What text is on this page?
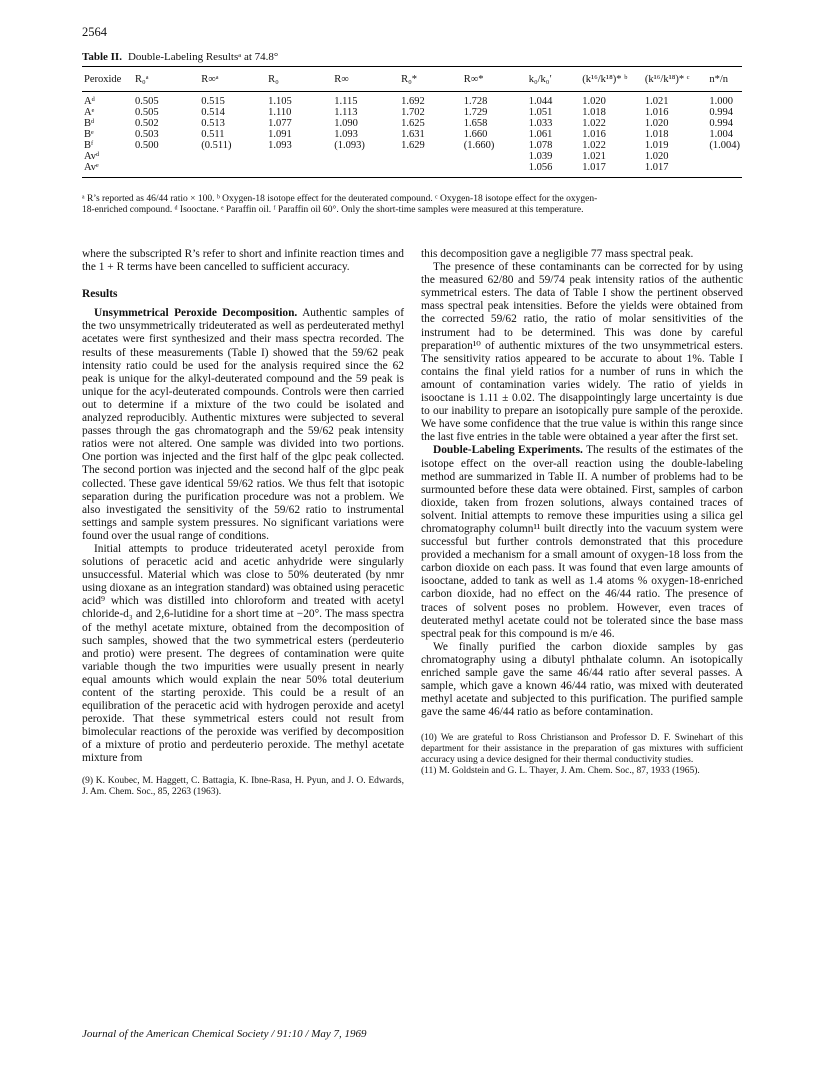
2564
Table II. Double-Labeling Resultsᵃ at 74.8°
Peroxide	R₀ᵃ	R∞ᵃ	R₀	R∞	R₀*	R∞*	k₀/k₀′	(k¹⁶/k¹⁸)* ᵇ	(k¹⁶/k¹⁸)* ᶜ	n*/n
Aᵈ	0.505	0.515	1.105	1.115	1.692	1.728	1.044	1.020	1.021	1.000
Aᵉ	0.505	0.514	1.110	1.113	1.702	1.729	1.051	1.018	1.016	0.994
Bᵈ	0.502	0.513	1.077	1.090	1.625	1.658	1.033	1.022	1.020	0.994
Bᵉ	0.503	0.511	1.091	1.093	1.631	1.660	1.061	1.016	1.018	1.004
Bᶠ	0.500	(0.511)	1.093	(1.093)	1.629	(1.660)	1.078	1.022	1.019	(1.004)
Avᵈ							1.039	1.021	1.020	
Avᵉ							1.056	1.017	1.017	
ᵃ R’s reported as 46/44 ratio × 100. ᵇ Oxygen-18 isotope effect for the deuterated compound. ᶜ Oxygen-18 isotope effect for the oxygen-
18-enriched compound. ᵈ Isooctane. ᵉ Paraffin oil. ᶠ Paraffin oil 60°. Only the short-time samples were measured at this temperature.

where the subscripted R’s refer to short and infinite reaction times and the 1 + R terms have been cancelled to sufficient accuracy.

Results

Unsymmetrical Peroxide Decomposition. Authentic samples of the two unsymmetrically trideuterated as well as perdeuterated methyl acetates were first synthesized and their mass spectra recorded. The results of these measurements (Table I) showed that the 59/62 peak intensity ratio could be used for the analysis required since the 62 peak is unique for the alkyl-deuterated compound and the 59 peak is unique for the acyl-deuterated compounds. Controls were then carried out to determine if a mixture of the two could be isolated and analyzed reproducibly. Authentic mixtures were subjected to several passes through the gas chromatograph and the 59/62 peak intensity ratios were not altered. One sample was divided into two portions. One portion was injected and the first half of the glpc peak collected. The second portion was injected and the second half of the glpc peak collected. These gave identical 59/62 ratios. We thus felt that isotopic separation during the purification procedure was not a problem. We also investigated the sensitivity of the 59/62 ratio to instrumental settings and sample system pressures. No significant variations were found over the usual range of conditions.

Initial attempts to produce trideuterated acetyl peroxide from solutions of peracetic acid and acetic anhydride were singularly unsuccessful. Material which was close to 50% deuterated (by nmr using dioxane as an integration standard) was obtained using peracetic acid⁹ which was distilled into chloroform and treated with acetyl chloride-d₃ and 2,6-lutidine for a short time at −20°. The mass spectra of the methyl acetate mixture, obtained from the decomposition of such samples, showed that the two symmetrical esters (perdeuterio and protio) were present. The degrees of contamination were quite variable though the two impurities were usually present in nearly equal amounts which would explain the near 50% total deuterium content of the starting peroxide. This could be a result of an equilibration of the peracetic acid with hydrogen peroxide and acetyl peroxide. That these symmetrical esters could not result from bimolecular reactions of the peroxide was verified by decomposition of a mixture of protio and perdeuterio peroxide. The methyl acetate mixture from

(9) K. Koubec, M. Haggett, C. Battagia, K. Ibne-Rasa, H. Pyun, and J. O. Edwards, J. Am. Chem. Soc., 85, 2263 (1963).

this decomposition gave a negligible 77 mass spectral peak.

The presence of these contaminants can be corrected for by using the measured 62/80 and 59/74 peak intensity ratios of the authentic symmetrical esters. The data of Table I show the pertinent observed mass spectral peak intensities. Before the yields were obtained from the corrected 59/62 ratio, the ratio of molar sensitivities of the instrument had to be determined. This was done by careful preparation¹⁰ of authentic mixtures of the two unsymmetrical esters. The sensitivity ratios appeared to be accurate to about 1%. Table I contains the final yield ratios for a number of runs in which the amount of contamination varies widely. The ratio of yields in isooctane is 1.11 ± 0.02. The disappointingly large uncertainty is due to our inability to prepare an isotopically pure sample of the peroxide. We have some confidence that the true value is within this range since the last five entries in the table were obtained a year after the first set.

Double-Labeling Experiments. The results of the estimates of the isotope effect on the over-all reaction using the double-labeling method are summarized in Table II. A number of problems had to be surmounted before these data were obtained. First, samples of carbon dioxide, taken from frozen solutions, always contained traces of solvent. Initial attempts to remove these impurities using a silica gel chromatography column¹¹ built directly into the vacuum system were successful but further controls demonstrated that this procedure provided a mechanism for a small amount of oxygen-18 loss from the carbon dioxide on each pass. It was found that even large amounts of isooctane, added to tank as well as 1.4 atoms % oxygen-18-enriched carbon dioxide, had no effect on the 46/44 ratio. The presence of traces of solvent poses no problem. However, even traces of deuterated methyl acetate could not be tolerated since the base mass spectral peak for this compound is m/e 46.

We finally purified the carbon dioxide samples by gas chromatography using a dibutyl phthalate column. An isotopically enriched sample gave the same 46/44 ratio after several passes. A sample, which gave a known 46/44 ratio, was mixed with deuterated methyl acetate and subjected to this purification. The purified sample gave the same 46/44 ratio as before contamination.

(10) We are grateful to Ross Christianson and Professor D. F. Swinehart of this department for their assistance in the preparation of gas mixtures with sufficient accuracy using a device designed for their thermal conductivity studies.

(11) M. Goldstein and G. L. Thayer, J. Am. Chem. Soc., 87, 1933 (1965).

Journal of the American Chemical Society / 91:10 / May 7, 1969
